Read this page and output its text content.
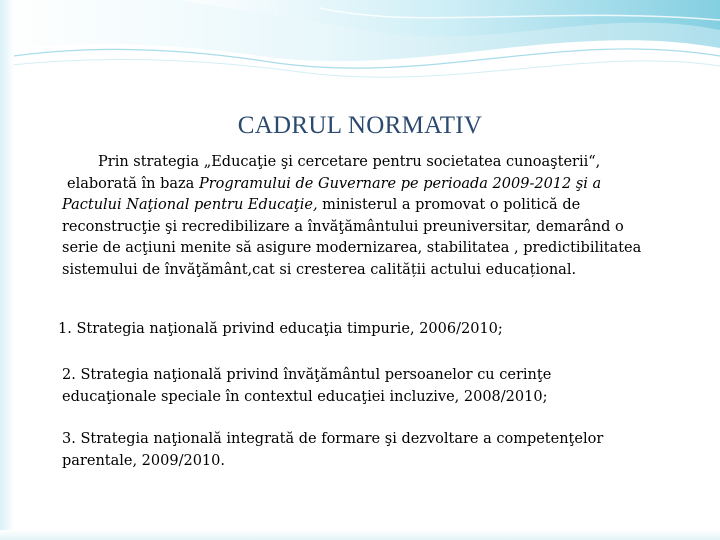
CADRUL NORMATIV

Prin strategia „Educaţie şi cercetare pentru societatea cunoaşterii“,
elaborată în baza Programului de Guvernare pe perioada 2009-2012 şi a
Pactului Naţional pentru Educaţie, ministerul a promovat o politică de
reconstrucţie şi recredibilizare a învăţământului preuniversitar, demarând o
serie de acţiuni menite să asigure modernizarea, stabilitatea , predictibilitatea
sistemului de învăţământ,cat si cresterea calității actului educațional.

1. Strategia naţională privind educaţia timpurie, 2006/2010;

2. Strategia naţională privind învăţământul persoanelor cu cerinţe
educaţionale speciale în contextul educaţiei incluzive, 2008/2010;

3. Strategia naţională integrată de formare şi dezvoltare a competenţelor
parentale, 2009/2010.
